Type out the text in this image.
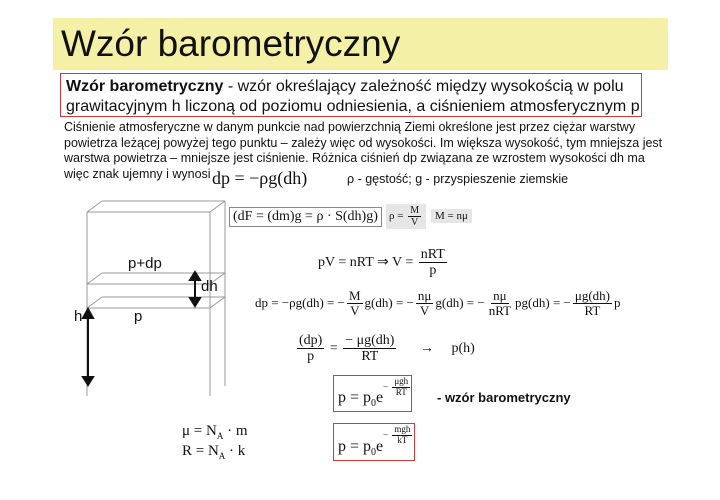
Wzór barometryczny
Wzór barometryczny - wzór określający zależność między wysokością w polu grawitacyjnym h liczoną od poziomu odniesienia, a ciśnieniem atmosferycznym p
Ciśnienie atmosferyczne w danym punkcie nad powierzchnią Ziemi określone jest przez ciężar warstwy powietrza leżącej powyżej tego punktu – zależy więc od wysokości. Im większa wysokość, tym mniejsza jest warstwa powietrza – mniejsze jest ciśnienie. Różnica ciśnień dp związana ze wzrostem wysokości dh ma więc znak ujemny i wynosi dp = −ρg(dh)	ρ - gęstość; g - przyspieszenie ziemskie
(dF = (dm)g = ρ · S(dh)g)	$\rho = \frac{M}{V}$	M = nμ
pV = nRT ⇒ $V = \frac{\text{nRT}}{p}$
dp = −ρg(dh) = − $\frac{M}{V} g(dh)$ = − $\frac{n\mu}{V} g(dh)$ = − $\frac{n\mu}{\text{nRT}} pg(dh)$ = − $\frac{\mu g(dh)}{RT}$ p
$\frac{(dp)}{p} = \frac{- \mu g(dh)}{RT} \to p(h)$
$p = p_0e$
− $\frac{\text{μgh}}{RT}$ - wzór barometryczny
$\mu = N_A \cdot m$
$R = N_A \cdot k$	$p = p_0e$
− $\frac{\text{mgh}}{kT}$
p+dp
dh
h	p
